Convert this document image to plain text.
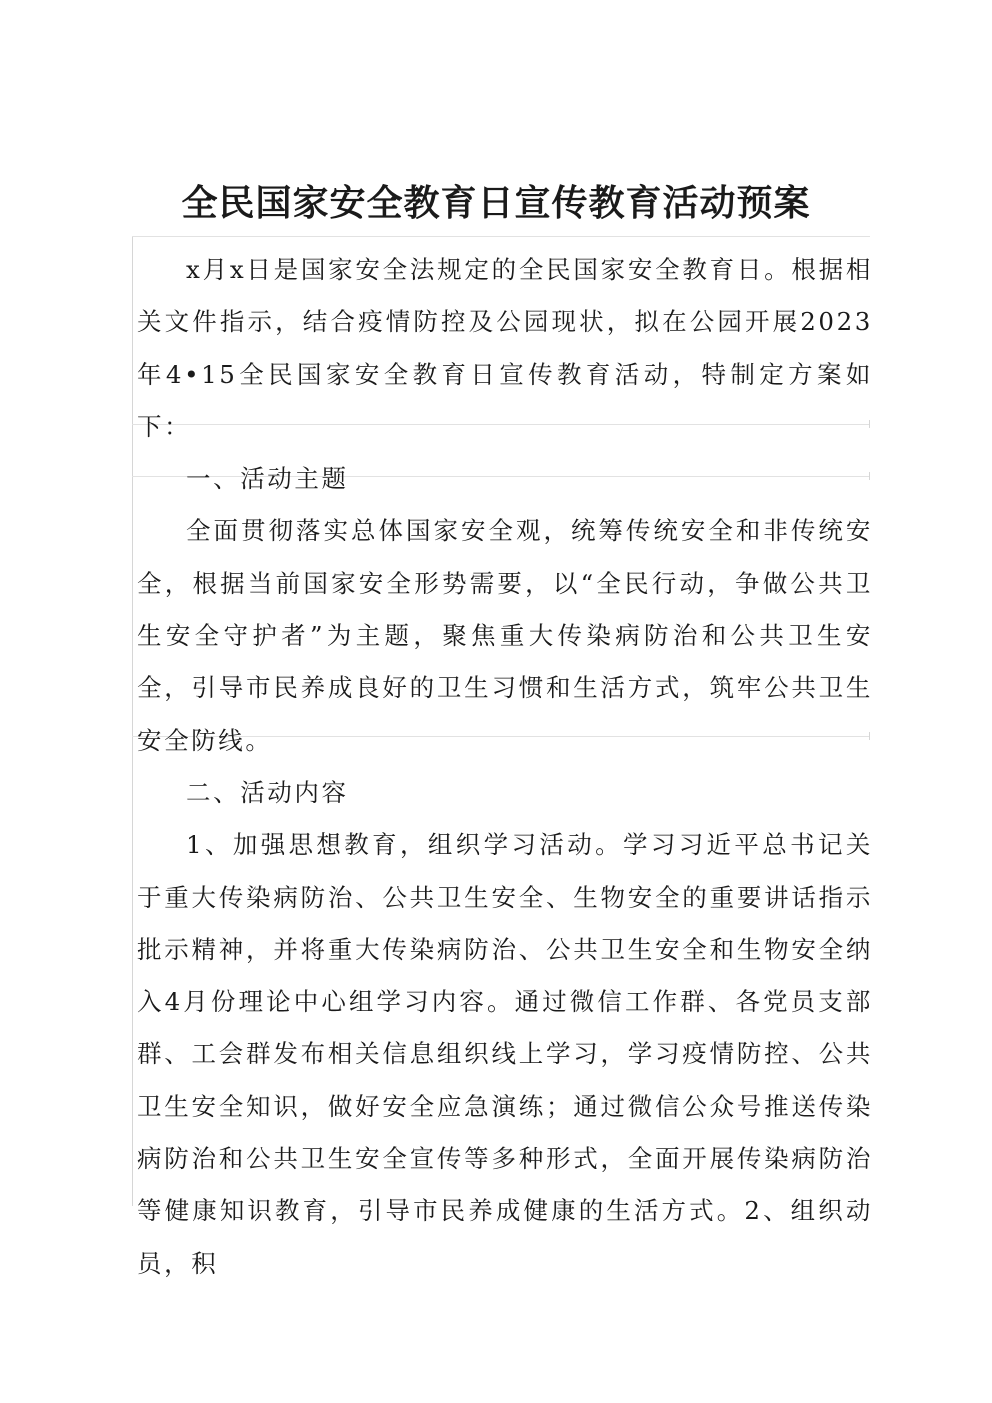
全民国家安全教育日宣传教育活动预案

x月x日是国家安全法规定的全民国家安全教育日。根据相关文件指示，结合疫情防控及公园现状，拟在公园开展2023年4•15全民国家安全教育日宣传教育活动，特制定方案如下：

一、活动主题

全面贯彻落实总体国家安全观，统筹传统安全和非传统安全，根据当前国家安全形势需要，以“全民行动，争做公共卫生安全守护者”为主题，聚焦重大传染病防治和公共卫生安全，引导市民养成良好的卫生习惯和生活方式，筑牢公共卫生安全防线。

二、活动内容

1、加强思想教育，组织学习活动。学习习近平总书记关于重大传染病防治、公共卫生安全、生物安全的重要讲话指示批示精神，并将重大传染病防治、公共卫生安全和生物安全纳入4月份理论中心组学习内容。通过微信工作群、各党员支部群、工会群发布相关信息组织线上学习，学习疫情防控、公共卫生安全知识，做好安全应急演练；通过微信公众号推送传染病防治和公共卫生安全宣传等多种形式，全面开展传染病防治等健康知识教育，引导市民养成健康的生活方式。2、组织动员，积
